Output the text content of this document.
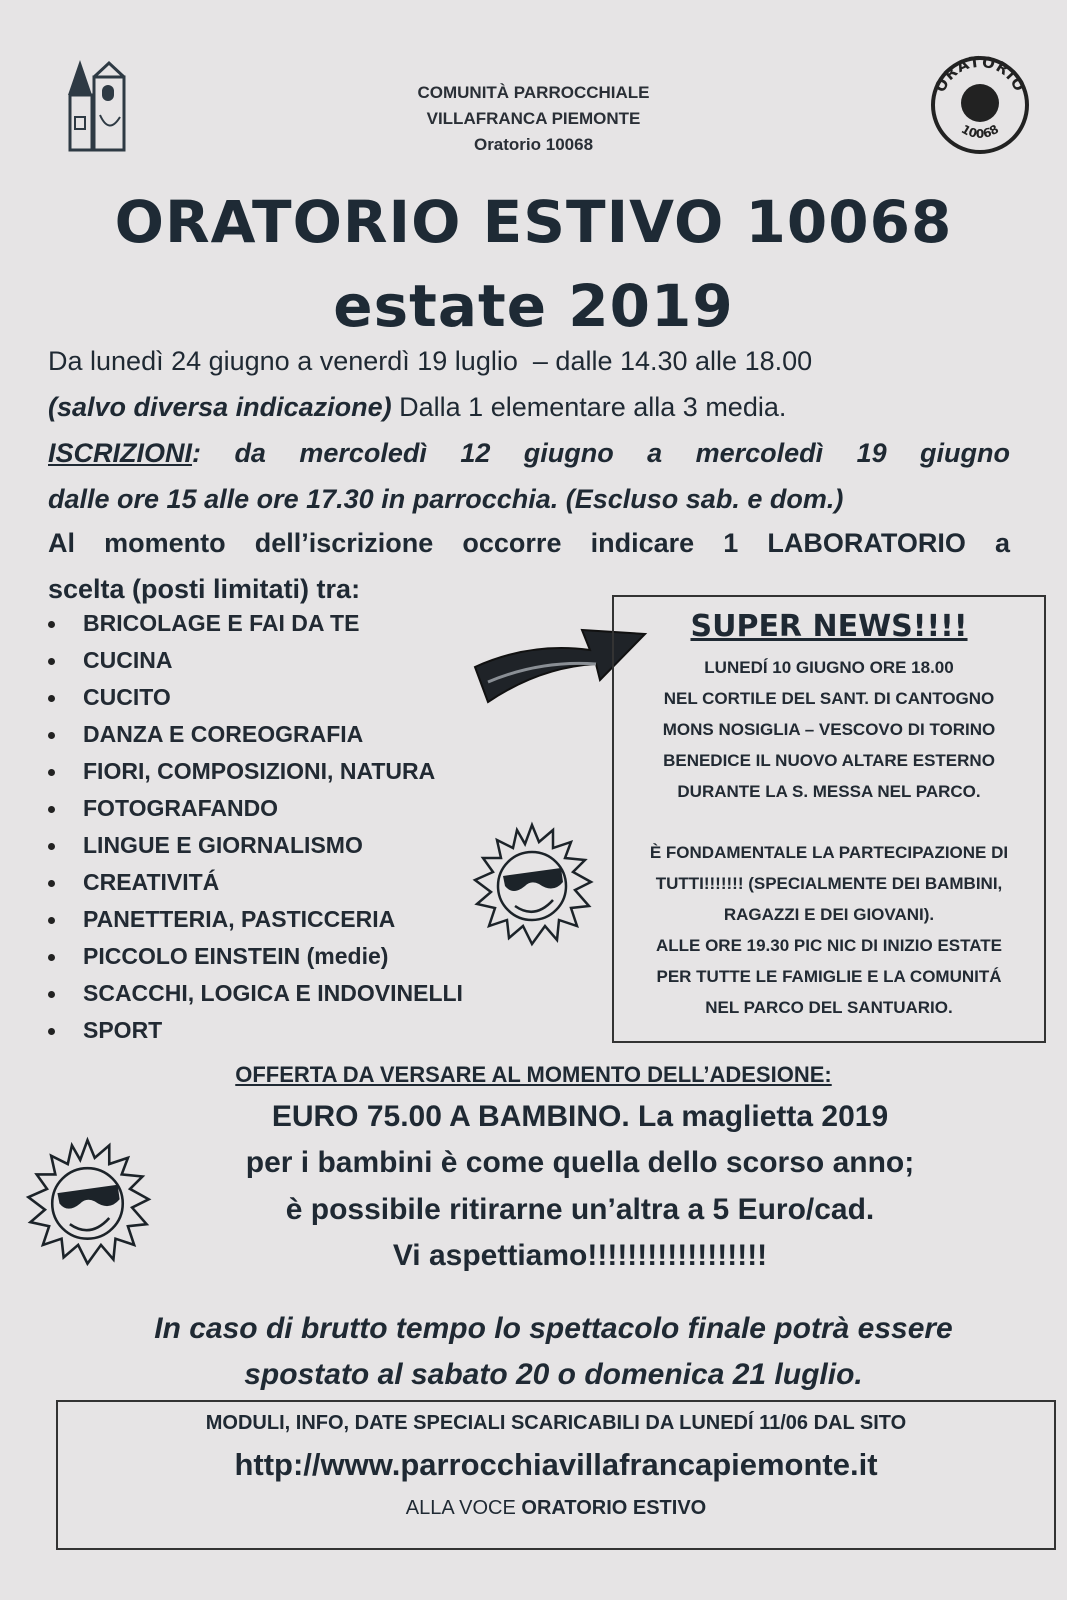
COMUNITÀ PARROCCHIALE
VILLAFRANCA PIEMONTE
Oratorio 10068
ORATORIO
10068
ORATORIO ESTIVO 10068
estate 2019
Da lunedì 24 giugno a venerdì 19 luglio – dalle 14.30 alle 18.00
(salvo diversa indicazione) Dalla 1 elementare alla 3 media.
ISCRIZIONI: da mercoledì 12 giugno a mercoledì 19 giugno
dalle ore 15 alle ore 17.30 in parrocchia. (Escluso sab. e dom.)
Al momento dell’iscrizione occorre indicare 1 LABORATORIO a
scelta (posti limitati) tra:
BRICOLAGE E FAI DA TE
CUCINA
CUCITO
DANZA E COREOGRAFIA
FIORI, COMPOSIZIONI, NATURA
FOTOGRAFANDO
LINGUE E GIORNALISMO
CREATIVITÁ
PANETTERIA, PASTICCERIA
PICCOLO EINSTEIN (medie)
SCACCHI, LOGICA E INDOVINELLI
SPORT
SUPER NEWS!!!!
LUNEDÍ 10 GIUGNO ORE 18.00
NEL CORTILE DEL SANT. DI CANTOGNO
MONS NOSIGLIA – VESCOVO DI TORINO
BENEDICE IL NUOVO ALTARE ESTERNO
DURANTE LA S. MESSA NEL PARCO.
È FONDAMENTALE LA PARTECIPAZIONE DI
TUTTI!!!!!!! (SPECIALMENTE DEI BAMBINI,
RAGAZZI E DEI GIOVANI).
ALLE ORE 19.30 PIC NIC DI INIZIO ESTATE
PER TUTTE LE FAMIGLIE E LA COMUNITÁ
NEL PARCO DEL SANTUARIO.
OFFERTA DA VERSARE AL MOMENTO DELL’ADESIONE:
EURO 75.00 A BAMBINO. La maglietta 2019
per i bambini è come quella dello scorso anno;
è possibile ritirarne un’altra a 5 Euro/cad.
Vi aspettiamo!!!!!!!!!!!!!!!!!!
In caso di brutto tempo lo spettacolo finale potrà essere
spostato al sabato 20 o domenica 21 luglio.
MODULI, INFO, DATE SPECIALI SCARICABILI DA LUNEDÍ 11/06 DAL SITO
http://www.parrocchiavillafrancapiemonte.it
ALLA VOCE ORATORIO ESTIVO
